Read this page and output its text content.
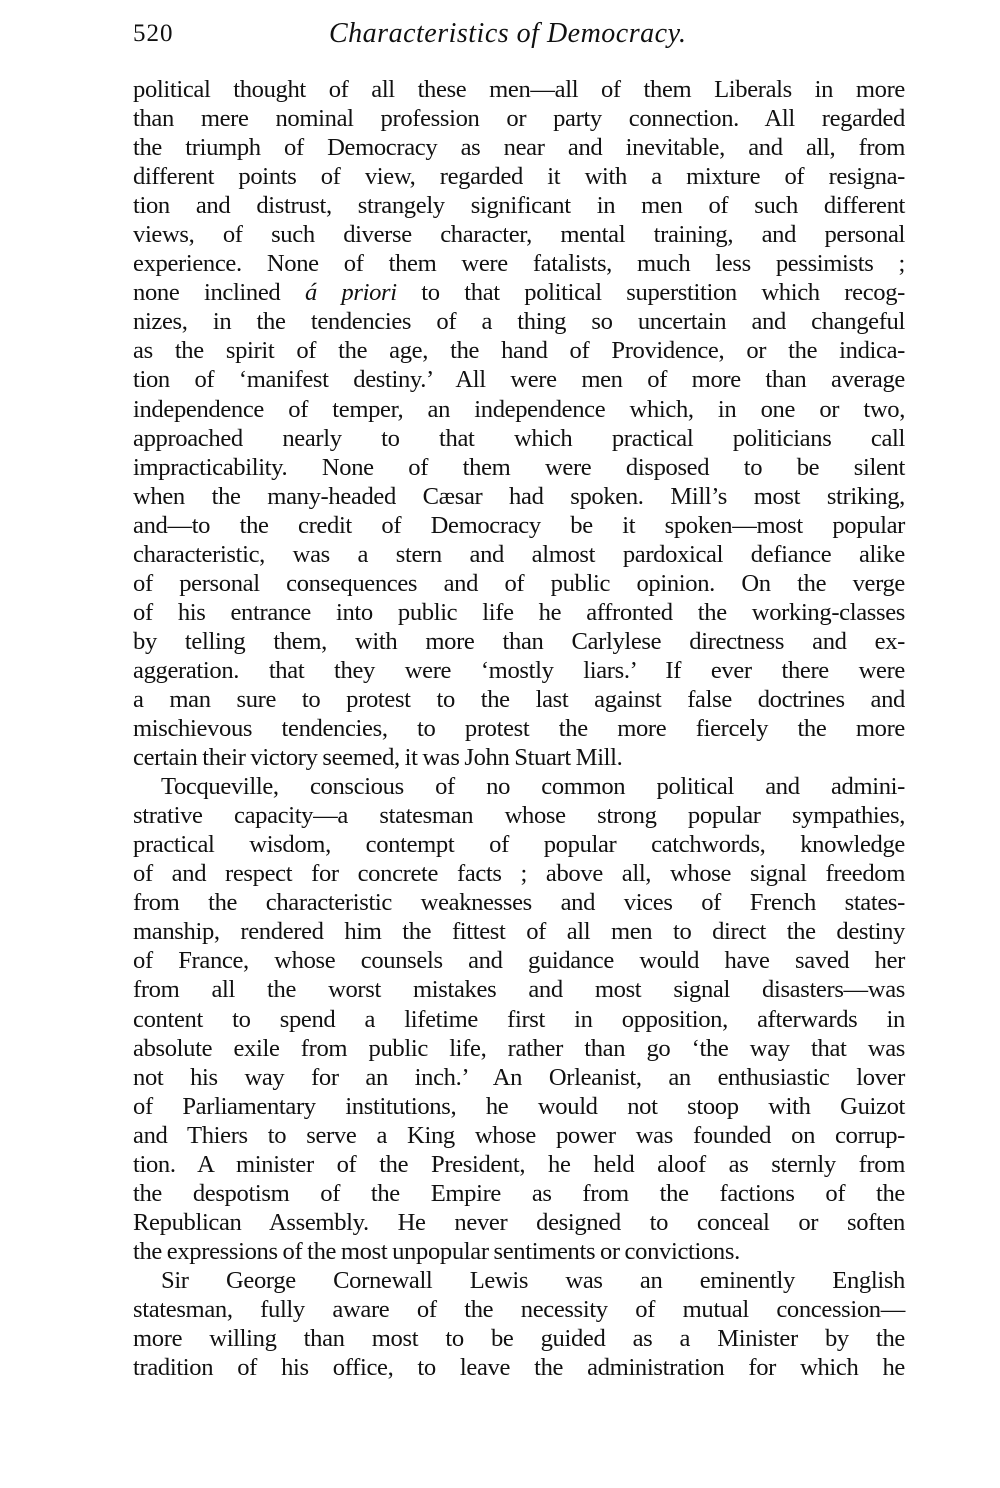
520	Characteristics of Democracy.
political thought of all these men—all of them Liberals in more
than mere nominal profession or party connection. All regarded
the triumph of Democracy as near and inevitable, and all, from
different points of view, regarded it with a mixture of resigna-
tion and distrust, strangely significant in men of such different
views, of such diverse character, mental training, and personal
experience. None of them were fatalists, much less pessimists ;
none inclined á priori to that political superstition which recog-
nizes, in the tendencies of a thing so uncertain and changeful
as the spirit of the age, the hand of Providence, or the indica-
tion of ‘manifest destiny.’ All were men of more than average
independence of temper, an independence which, in one or two,
approached nearly to that which practical politicians call
impracticability. None of them were disposed to be silent
when the many-headed Cæsar had spoken. Mill’s most striking,
and—to the credit of Democracy be it spoken—most popular
characteristic, was a stern and almost pardoxical defiance alike
of personal consequences and of public opinion. On the verge
of his entrance into public life he affronted the working-classes
by telling them, with more than Carlylese directness and ex-
aggeration. that they were ‘mostly liars.’ If ever there were
a man sure to protest to the last against false doctrines and
mischievous tendencies, to protest the more fiercely the more
certain their victory seemed, it was John Stuart Mill.
Tocqueville, conscious of no common political and admini-
strative capacity—a statesman whose strong popular sympathies,
practical wisdom, contempt of popular catchwords, knowledge
of and respect for concrete facts ; above all, whose signal freedom
from the characteristic weaknesses and vices of French states-
manship, rendered him the fittest of all men to direct the destiny
of France, whose counsels and guidance would have saved her
from all the worst mistakes and most signal disasters—was
content to spend a lifetime first in opposition, afterwards in
absolute exile from public life, rather than go ‘the way that was
not his way for an inch.’ An Orleanist, an enthusiastic lover
of Parliamentary institutions, he would not stoop with Guizot
and Thiers to serve a King whose power was founded on corrup-
tion. A minister of the President, he held aloof as sternly from
the despotism of the Empire as from the factions of the
Republican Assembly. He never designed to conceal or soften
the expressions of the most unpopular sentiments or convictions.
Sir George Cornewall Lewis was an eminently English
statesman, fully aware of the necessity of mutual concession—
more willing than most to be guided as a Minister by the
tradition of his office, to leave the administration for which he
